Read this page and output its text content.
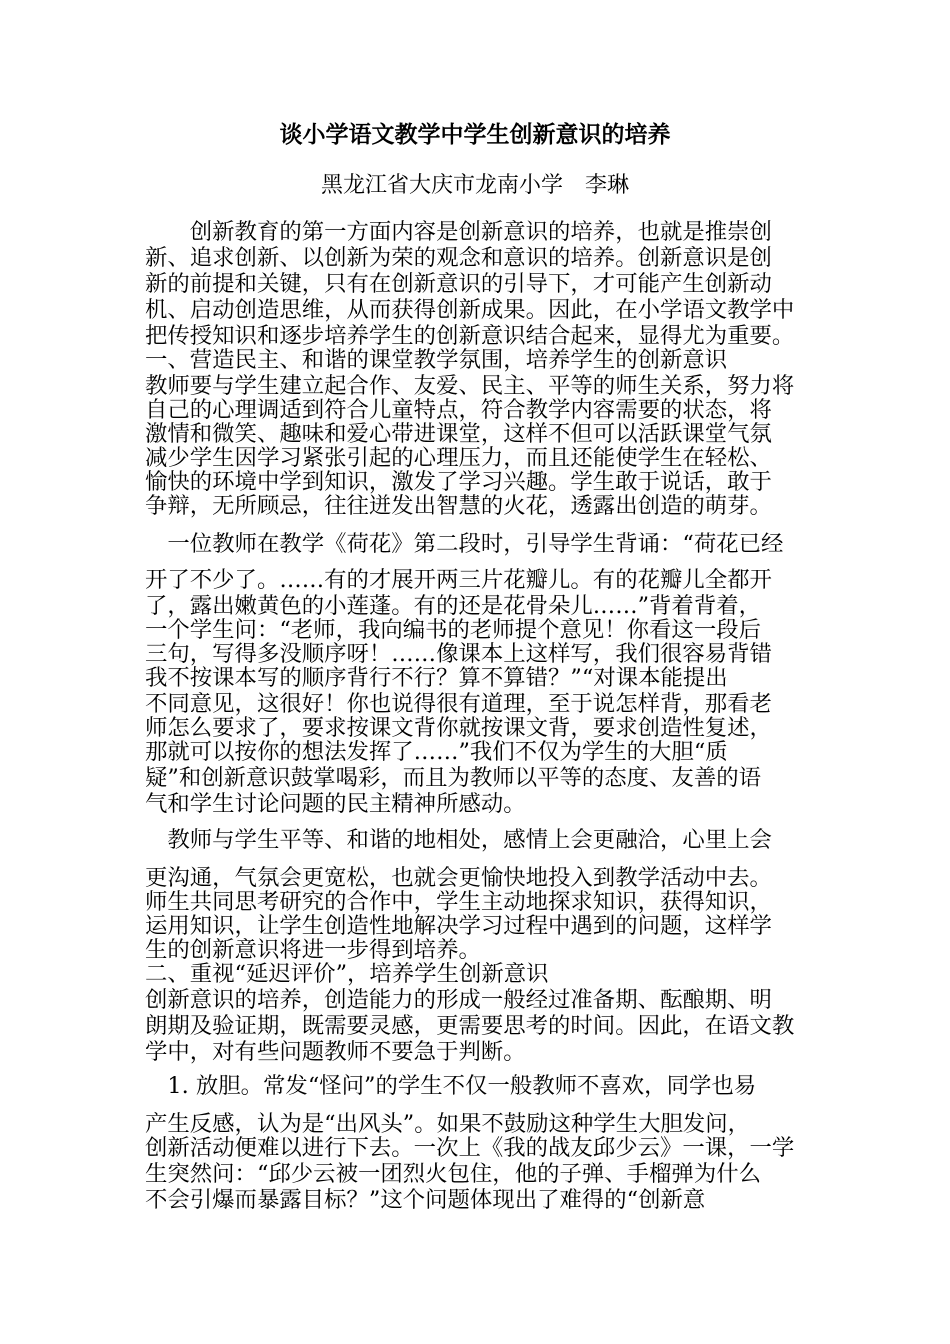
谈小学语文教学中学生创新意识的培养
黑龙江省大庆市龙南小学　李琳
　　创新教育的第一方面内容是创新意识的培养，也就是推崇创
新、追求创新、以创新为荣的观念和意识的培养。创新意识是创
新的前提和关键，只有在创新意识的引导下，才可能产生创新动
机、启动创造思维，从而获得创新成果。因此，在小学语文教学中
把传授知识和逐步培养学生的创新意识结合起来，显得尤为重要。
一、营造民主、和谐的课堂教学氛围，培养学生的创新意识
教师要与学生建立起合作、友爱、民主、平等的师生关系，努力将
自己的心理调适到符合儿童特点，符合教学内容需要的状态，将
激情和微笑、趣味和爱心带进课堂，这样不但可以活跃课堂气氛
减少学生因学习紧张引起的心理压力，而且还能使学生在轻松、
愉快的环境中学到知识，激发了学习兴趣。学生敢于说话，敢于
争辩，无所顾忌，往往迸发出智慧的火花，透露出创造的萌芽。
　一位教师在教学《荷花》第二段时，引导学生背诵：“荷花已经
开了不少了。……有的才展开两三片花瓣儿。有的花瓣儿全都开
了，露出嫩黄色的小莲蓬。有的还是花骨朵儿……”背着背着，
一个学生问：“老师，我向编书的老师提个意见！你看这一段后
三句，写得多没顺序呀！……像课本上这样写，我们很容易背错
我不按课本写的顺序背行不行？算不算错？”“对课本能提出
不同意见，这很好！你也说得很有道理，至于说怎样背，那看老
师怎么要求了，要求按课文背你就按课文背，要求创造性复述，
那就可以按你的想法发挥了……”我们不仅为学生的大胆“质
疑”和创新意识鼓掌喝彩，而且为教师以平等的态度、友善的语
气和学生讨论问题的民主精神所感动。
　教师与学生平等、和谐的地相处，感情上会更融洽，心里上会
更沟通，气氛会更宽松，也就会更愉快地投入到教学活动中去。
师生共同思考研究的合作中，学生主动地探求知识，获得知识，
运用知识，让学生创造性地解决学习过程中遇到的问题，这样学
生的创新意识将进一步得到培养。
二、重视“延迟评价”，培养学生创新意识
创新意识的培养，创造能力的形成一般经过准备期、酝酿期、明
朗期及验证期，既需要灵感，更需要思考的时间。因此，在语文教
学中，对有些问题教师不要急于判断。
　1. 放胆。常发“怪问”的学生不仅一般教师不喜欢，同学也易
产生反感，认为是“出风头”。如果不鼓励这种学生大胆发问，
创新活动便难以进行下去。一次上《我的战友邱少云》一课，一学
生突然问：“邱少云被一团烈火包住，他的子弹、手榴弹为什么
不会引爆而暴露目标？”这个问题体现出了难得的“创新意
